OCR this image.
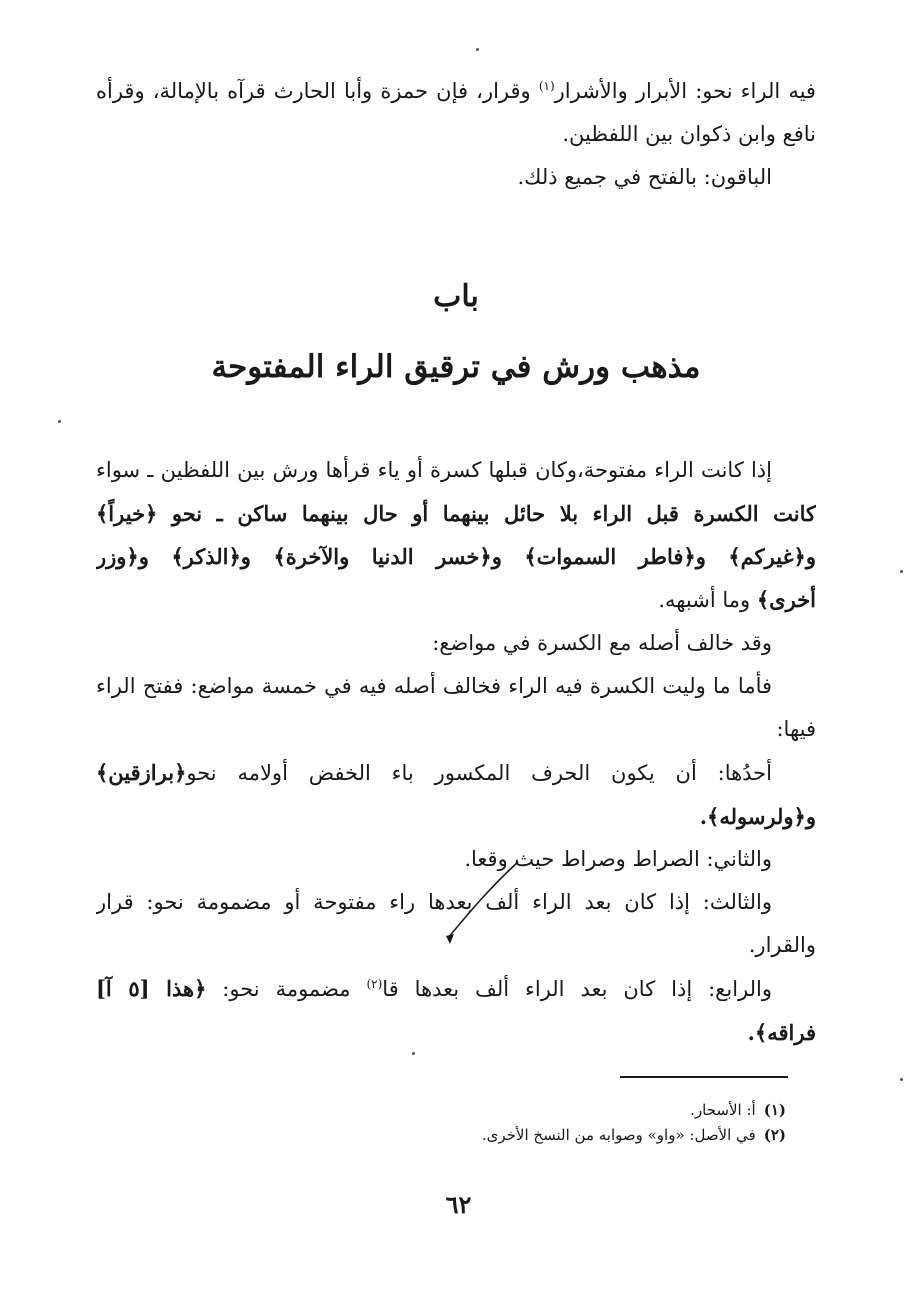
فيه الراء نحو: الأبرار والأشرار$^{(١)}$ وقرار، فإن حمزة وأبا الحارث قرآه بالإمالة، وقرأه

نافع وابن ذكوان بين اللفظين.

الباقون: بالفتح في جميع ذلك.

باب
مذهب ورش في ترقيق الراء المفتوحة

إذا كانت الراء مفتوحة،وكان قبلها كسرة أو ياء قرأها ورش بين اللفظين ـ سواء

كانت الكسرة قبل الراء بلا حائل بينهما أو حال بينهما ساكن ـ نحو ﴿خيراً﴾

و﴿غيركم﴾ و﴿فاطر السموات﴾ و﴿خسر الدنيا والآخرة﴾ و﴿الذكر﴾ و﴿وزر

أخرى﴾ وما أشبهه.

وقد خالف أصله مع الكسرة في مواضع:

فأما ما وليت الكسرة فيه الراء فخالف أصله فيه في خمسة مواضع: ففتح الراء

فيها:

أحدُها: أن يكون الحرف المكسور باء الخفض أولامه نحو﴿برازقين﴾

و﴿ولرسوله﴾.

والثاني: الصراط وصراط حيث وقعا.

والثالث: إذا كان بعد الراء ألف بعدها راء مفتوحة أو مضمومة نحو: قرار

والقرار.

والرابع: إذا كان بعد الراء ألف بعدها قا$^{(٢)}$ مضمومة نحو: ﴿هذا [٥ آ]

فراقه﴾.

(١)أ: الأسحار.

(٢)في الأصل: «واو» وصوابه من النسخ الأخرى.

٦٢
